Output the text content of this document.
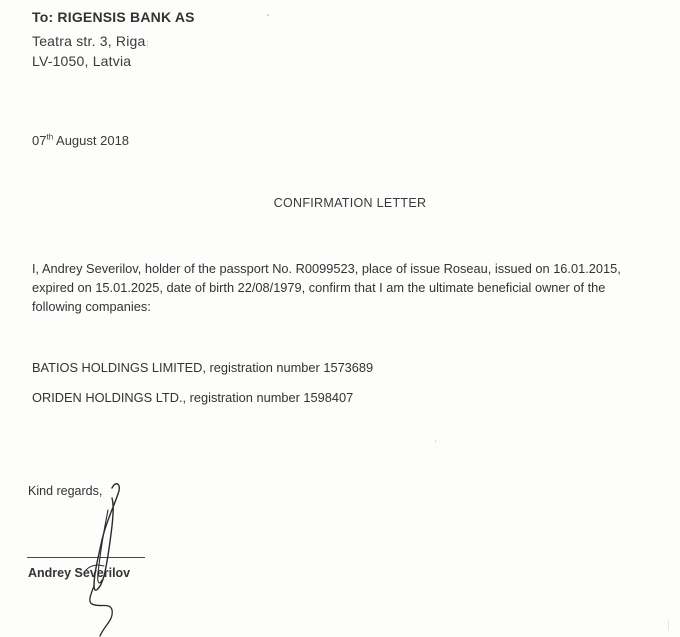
To: RIGENSIS BANK AS
Teatra str. 3, Riga
LV-1050, Latvia
07th August 2018
CONFIRMATION LETTER
I, Andrey Severilov, holder of the passport No. R0099523, place of issue Roseau, issued on 16.01.2015, expired on 15.01.2025, date of birth 22/08/1979, confirm that I am the ultimate beneficial owner of the following companies:
BATIOS HOLDINGS LIMITED, registration number 1573689
ORIDEN HOLDINGS LTD., registration number 1598407
Kind regards,
Andrey Severilov
